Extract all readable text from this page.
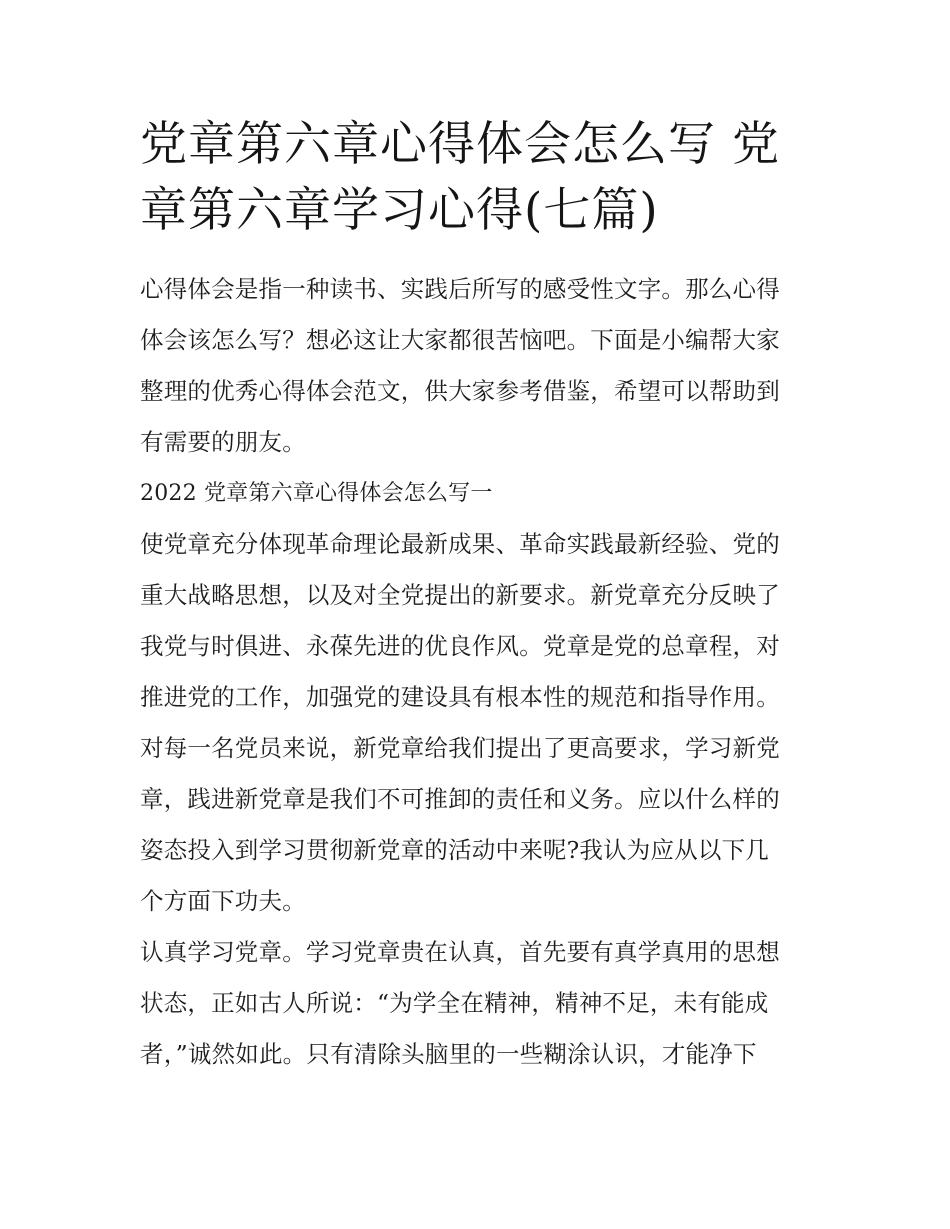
党章第六章心得体会怎么写 党
章第六章学习心得(七篇)

心得体会是指一种读书、实践后所写的感受性文字。那么心得
体会该怎么写？想必这让大家都很苦恼吧。下面是小编帮大家
整理的优秀心得体会范文，供大家参考借鉴，希望可以帮助到
有需要的朋友。

2022 党章第六章心得体会怎么写一

使党章充分体现革命理论最新成果、革命实践最新经验、党的
重大战略思想，以及对全党提出的新要求。新党章充分反映了
我党与时俱进、永葆先进的优良作风。党章是党的总章程，对
推进党的工作，加强党的建设具有根本性的规范和指导作用。
对每一名党员来说，新党章给我们提出了更高要求，学习新党
章，践进新党章是我们不可推卸的责任和义务。应以什么样的
姿态投入到学习贯彻新党章的活动中来呢?我认为应从以下几
个方面下功夫。

认真学习党章。学习党章贵在认真，首先要有真学真用的思想
状态，正如古人所说：“为学全在精神，精神不足，未有能成
者，”诚然如此。只有清除头脑里的一些糊涂认识，才能净下
